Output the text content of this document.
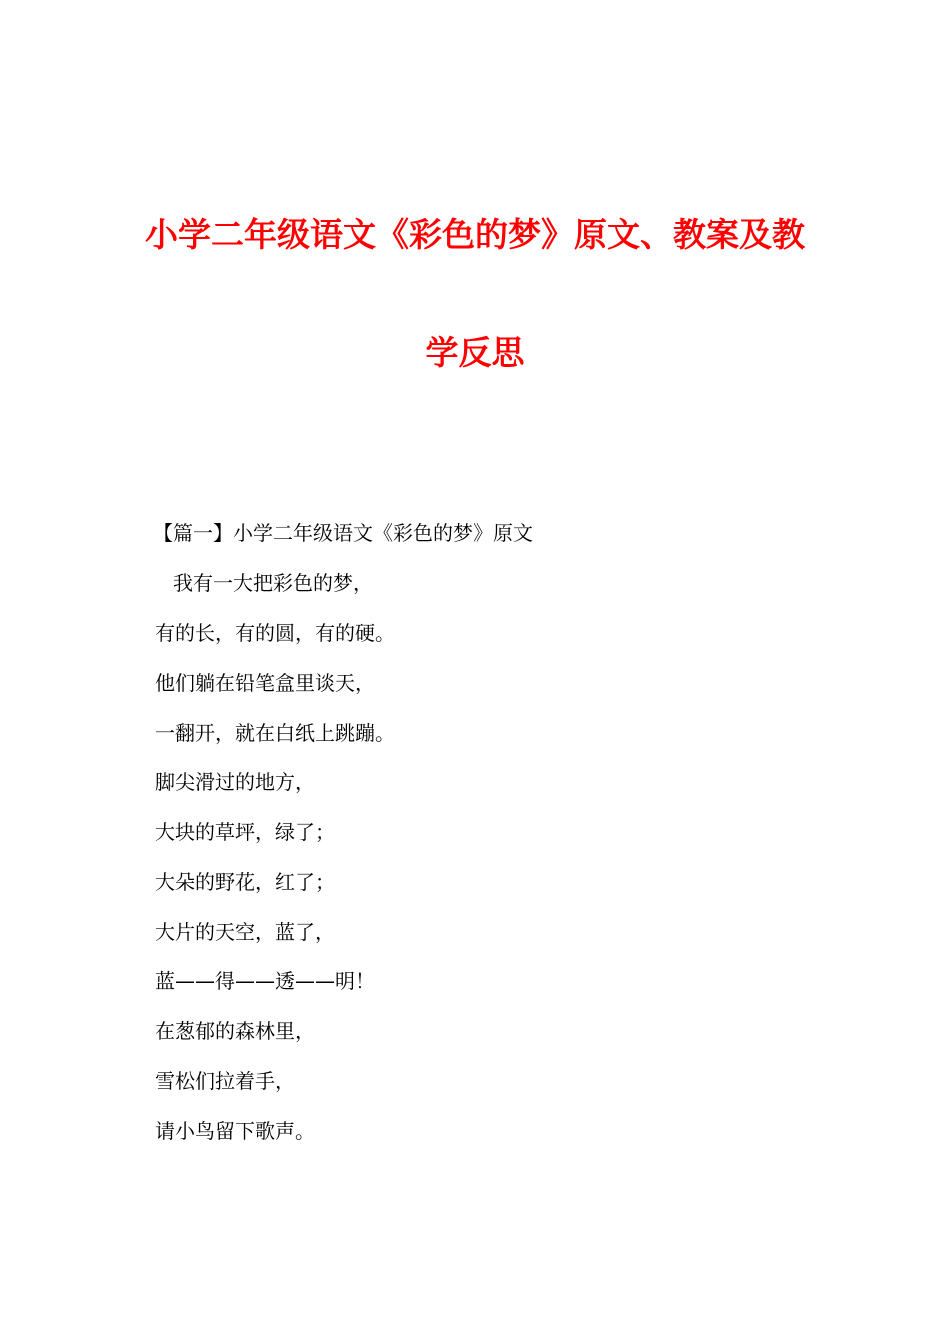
小学二年级语文《彩色的梦》原文、教案及教
学反思
【篇一】小学二年级语文《彩色的梦》原文
我有一大把彩色的梦，
有的长，有的圆，有的硬。
他们躺在铅笔盒里谈天，
一翻开，就在白纸上跳蹦。
脚尖滑过的地方，
大块的草坪，绿了；
大朵的野花，红了；
大片的天空，蓝了，
蓝——得——透——明！
在葱郁的森林里，
雪松们拉着手，
请小鸟留下歌声。
